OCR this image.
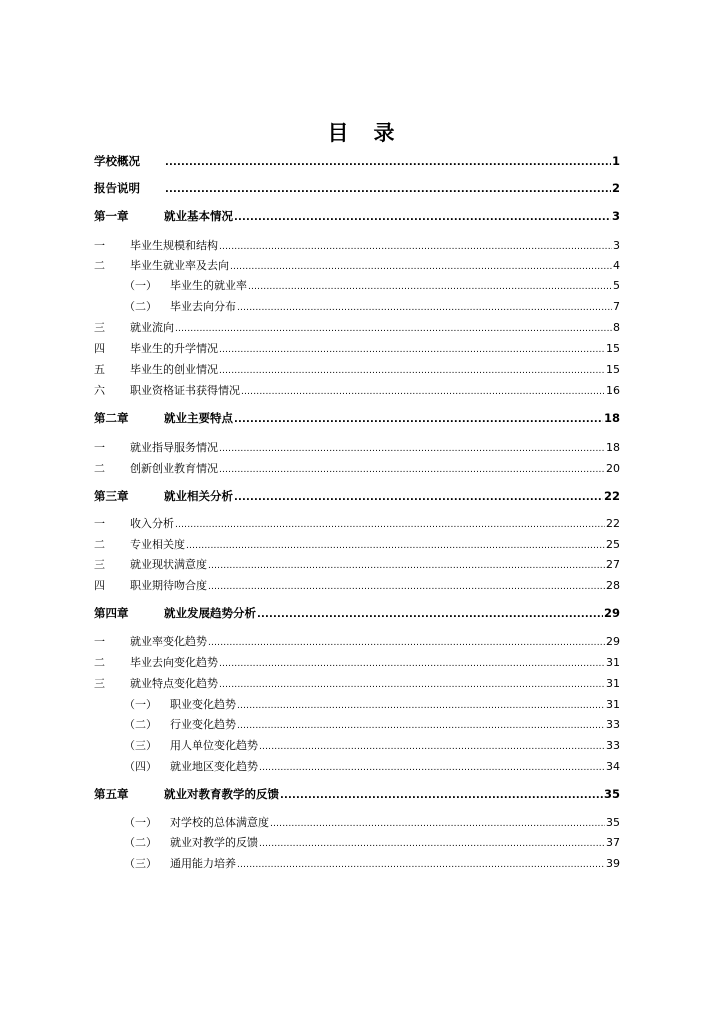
目　录
学校概况 .....	1
报告说明 .....	2
第一章	就业基本情况 .....	3
一	毕业生规模和结构 .....	3
二	毕业生就业率及去向 .....	4
（一）	毕业生的就业率 .....	5
（二）	毕业去向分布 .....	7
三	就业流向 .....	8
四	毕业生的升学情况 .....	15
五	毕业生的创业情况 .....	15
六	职业资格证书获得情况 .....	16
第二章	就业主要特点 .....	18
一	就业指导服务情况 .....	18
二	创新创业教育情况 .....	20
第三章	就业相关分析 .....	22
一	收入分析 .....	22
二	专业相关度 .....	25
三	就业现状满意度 .....	27
四	职业期待吻合度 .....	28
第四章	就业发展趋势分析 .....	29
一	就业率变化趋势 .....	29
二	毕业去向变化趋势 .....	31
三	就业特点变化趋势 .....	31
（一）	职业变化趋势 .....	31
（二）	行业变化趋势 .....	33
（三）	用人单位变化趋势 .....	33
（四）	就业地区变化趋势 .....	34
第五章	就业对教育教学的反馈 .....	35
（一）	对学校的总体满意度 .....	35
（二）	就业对教学的反馈 .....	37
（三）	通用能力培养 .....	39
